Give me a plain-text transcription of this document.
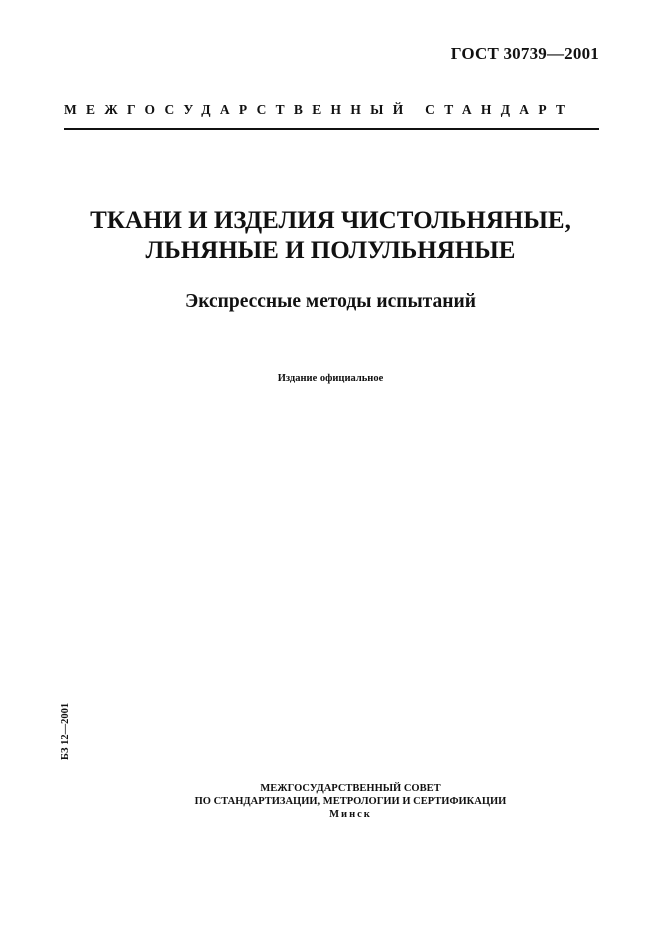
ГОСТ 30739—2001
МЕЖГОСУДАРСТВЕННЫЙ СТАНДАРТ
ТКАНИ И ИЗДЕЛИЯ ЧИСТОЛЬНЯНЫЕ,
ЛЬНЯНЫЕ И ПОЛУЛЬНЯНЫЕ
Экспрессные методы испытаний
Издание официальное
БЗ 12—2001
МЕЖГОСУДАРСТВЕННЫЙ СОВЕТ
ПО СТАНДАРТИЗАЦИИ, МЕТРОЛОГИИ И СЕРТИФИКАЦИИ
Минск
